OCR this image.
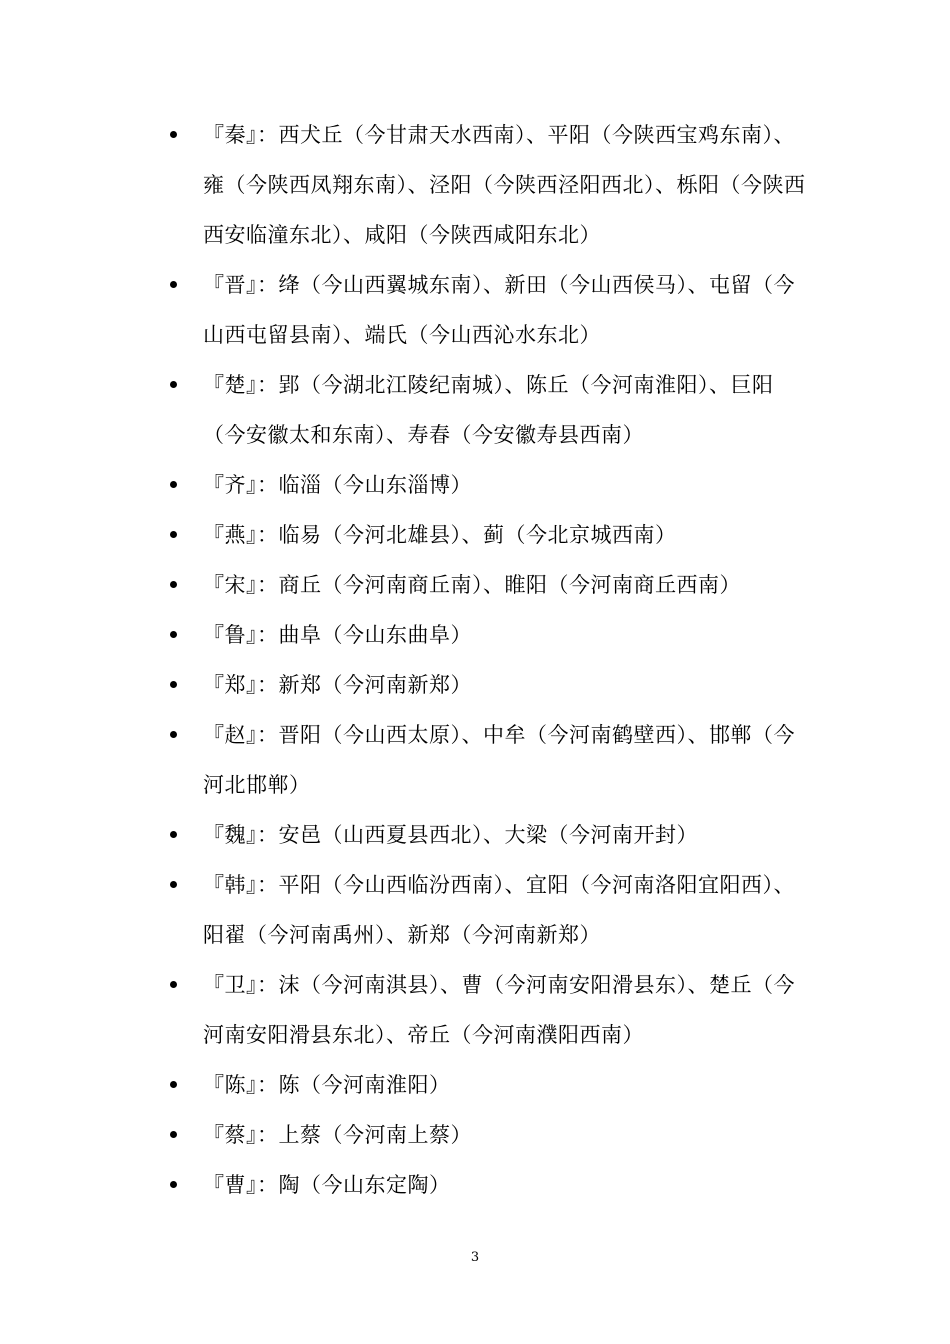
『秦』：西犬丘（今甘肃天水西南）、平阳（今陕西宝鸡东南）、雍（今陕西凤翔东南）、泾阳（今陕西泾阳西北）、栎阳（今陕西西安临潼东北）、咸阳（今陕西咸阳东北）
『晋』：绛（今山西翼城东南）、新田（今山西侯马）、屯留（今山西屯留县南）、端氏（今山西沁水东北）
『楚』：郢（今湖北江陵纪南城）、陈丘（今河南淮阳）、巨阳（今安徽太和东南）、寿春（今安徽寿县西南）
『齐』：临淄（今山东淄博）
『燕』：临易（今河北雄县）、蓟（今北京城西南）
『宋』：商丘（今河南商丘南）、睢阳（今河南商丘西南）
『鲁』：曲阜（今山东曲阜）
『郑』：新郑（今河南新郑）
『赵』：晋阳（今山西太原）、中牟（今河南鹤壁西）、邯郸（今河北邯郸）
『魏』：安邑（山西夏县西北）、大梁（今河南开封）
『韩』：平阳（今山西临汾西南）、宜阳（今河南洛阳宜阳西）、阳翟（今河南禹州）、新郑（今河南新郑）
『卫』：沫（今河南淇县）、曹（今河南安阳滑县东）、楚丘（今河南安阳滑县东北）、帝丘（今河南濮阳西南）
『陈』：陈（今河南淮阳）
『蔡』：上蔡（今河南上蔡）
『曹』：陶（今山东定陶）
3
